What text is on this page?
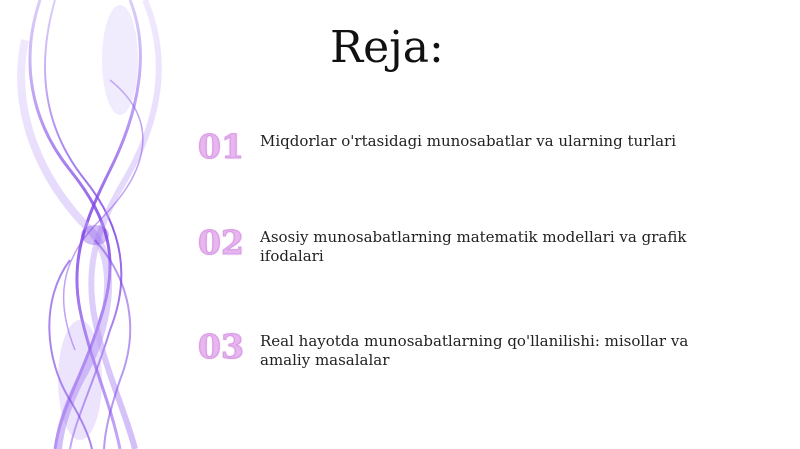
Reja:
01	Miqdorlar o'rtasidagi munosabatlar va ularning turlari
02	Asosiy munosabatlarning matematik modellari va grafik ifodalari
03	Real hayotda munosabatlarning qo'llanilishi: misollar va amaliy masalalar
